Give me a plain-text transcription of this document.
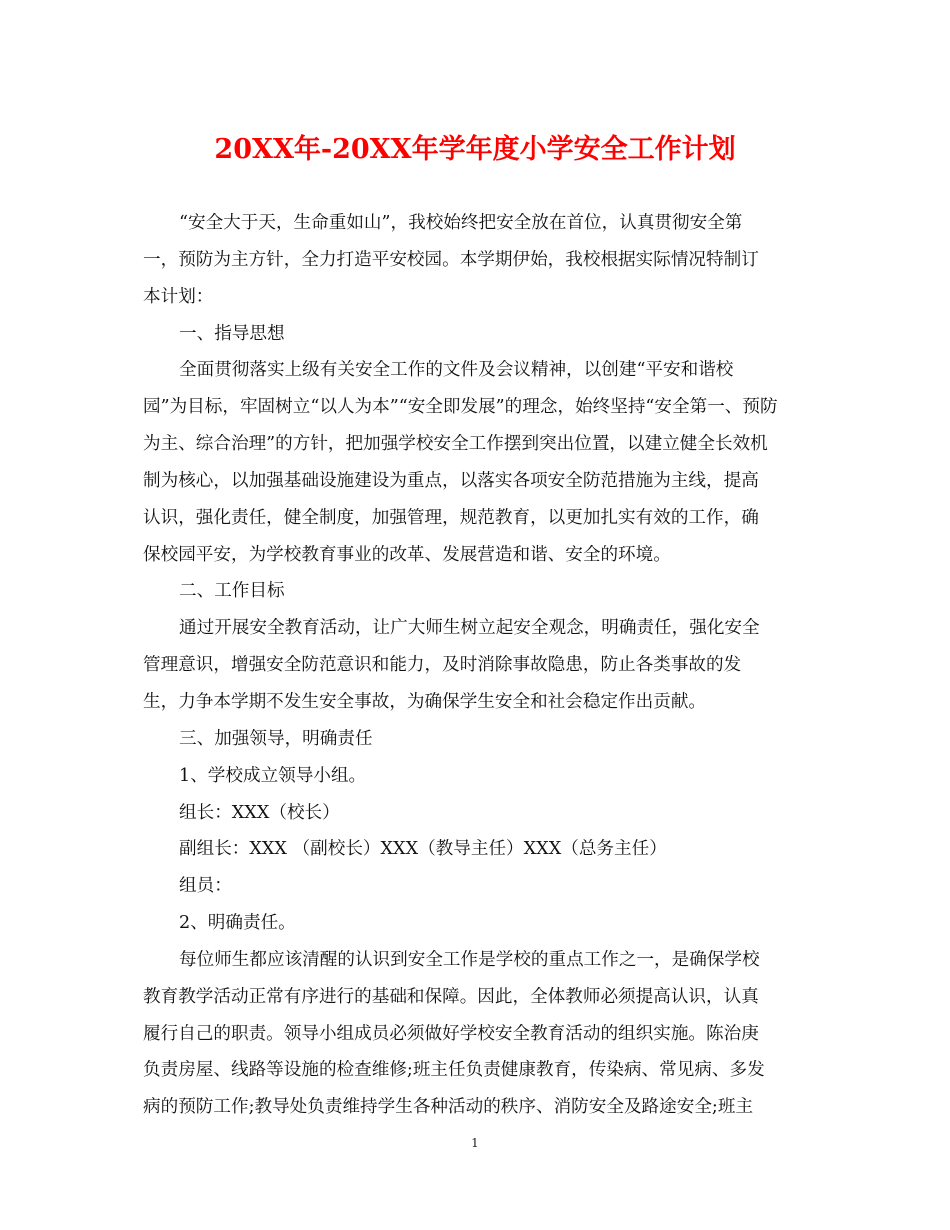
20XX年-20XX年学年度小学安全工作计划
“安全大于天，生命重如山”，我校始终把安全放在首位，认真贯彻安全第
一，预防为主方针，全力打造平安校园。本学期伊始，我校根据实际情况特制订
本计划：
一、指导思想
全面贯彻落实上级有关安全工作的文件及会议精神，以创建“平安和谐校
园”为目标，牢固树立“以人为本”“安全即发展”的理念，始终坚持“安全第一、预防
为主、综合治理”的方针，把加强学校安全工作摆到突出位置，以建立健全长效机
制为核心，以加强基础设施建设为重点，以落实各项安全防范措施为主线，提高
认识，强化责任，健全制度，加强管理，规范教育，以更加扎实有效的工作，确
保校园平安，为学校教育事业的改革、发展营造和谐、安全的环境。
二、工作目标
通过开展安全教育活动，让广大师生树立起安全观念，明确责任，强化安全
管理意识，增强安全防范意识和能力，及时消除事故隐患，防止各类事故的发
生，力争本学期不发生安全事故，为确保学生安全和社会稳定作出贡献。
三、加强领导，明确责任
1、学校成立领导小组。
组长：XXX（校长）
副组长：XXX （副校长）XXX（教导主任）XXX（总务主任）
组员：
2、明确责任。
每位师生都应该清醒的认识到安全工作是学校的重点工作之一，是确保学校
教育教学活动正常有序进行的基础和保障。因此，全体教师必须提高认识，认真
履行自己的职责。领导小组成员必须做好学校安全教育活动的组织实施。陈治庚
负责房屋、线路等设施的检查维修;班主任负责健康教育，传染病、常见病、多发
病的预防工作;教导处负责维持学生各种活动的秩序、消防安全及路途安全;班主
1
